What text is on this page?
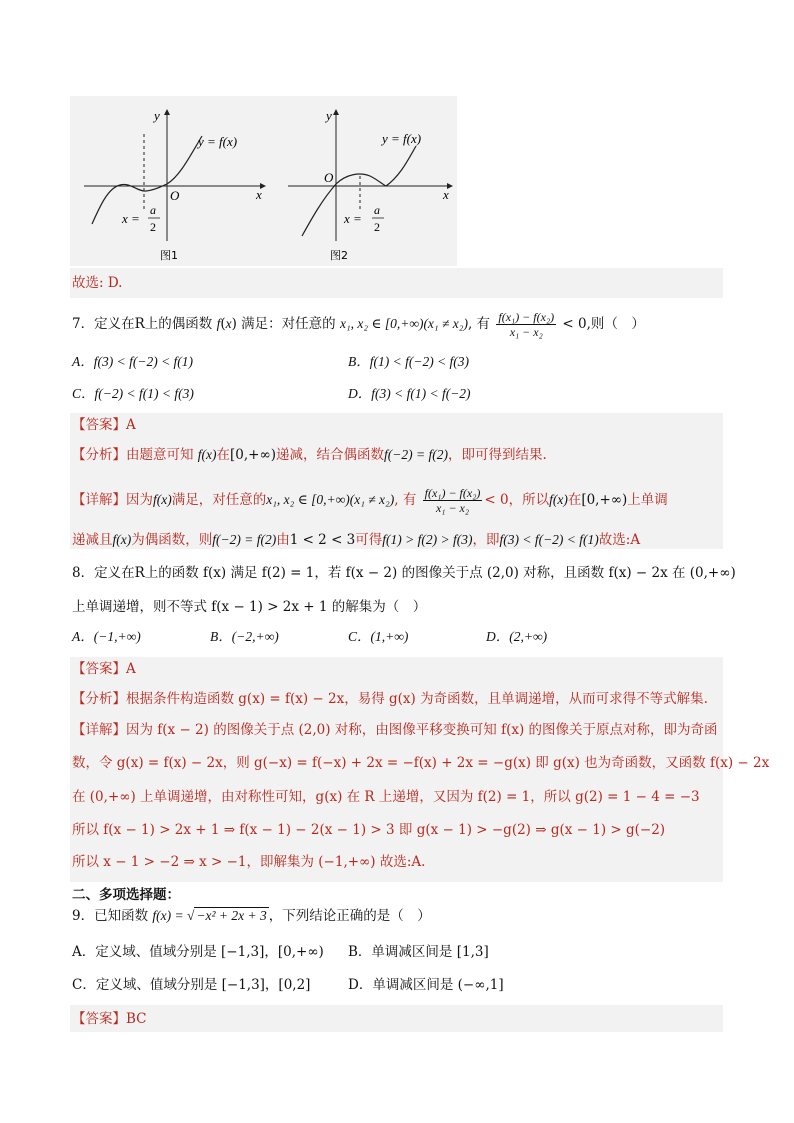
y
x
O
y = f(x)
x =
a
2
图1
y
x
O
y = f(x)
x =
a
2
图2
故选: D.
7．定义在R上的偶函数 f(x) 满足：对任意的 x₁, x₂ ∈ [0,+∞)(x₁ ≠ x₂), 有 $\frac{\text{f(x₁) − f(x₂)}}{\text{x₁ − x₂}} < 0$,则（　）
A．f(3) < f(−2) < f(1)	B．f(1) < f(−2) < f(3)
C．f(−2) < f(1) < f(3)	D．f(3) < f(1) < f(−2)
【答案】A
【分析】由题意可知 f(x)在[0,+∞)递减，结合偶函数f(−2) = f(2)，即可得到结果.
【详解】因为f(x)满足，对任意的x₁, x₂ ∈ [0,+∞)(x₁ ≠ x₂), 有 $\frac{\text{f(x₁) − f(x₂)}}{\text{x₁ − x₂}} < 0$，所以f(x)在[0,+∞)上单调
递减且f(x)为偶函数，则f(−2) = f(2)由1 < 2 < 3可得f(1) > f(2) > f(3)，即f(3) < f(−2) < f(1)故选:A
8．定义在R上的函数 f(x) 满足 f(2) = 1，若 f(x − 2) 的图像关于点 (2,0) 对称，且函数 f(x) − 2x 在 (0,+∞)
上单调递增，则不等式 f(x − 1) > 2x + 1 的解集为（　）
A．(−1,+∞)	B．(−2,+∞)	C．(1,+∞)	D．(2,+∞)
【答案】A
【分析】根据条件构造函数 g(x) = f(x) − 2x，易得 g(x) 为奇函数，且单调递增，从而可求得不等式解集.
【详解】因为 f(x − 2) 的图像关于点 (2,0) 对称，由图像平移变换可知 f(x) 的图像关于原点对称，即为奇函
数，令 g(x) = f(x) − 2x，则 g(−x) = f(−x) + 2x = −f(x) + 2x = −g(x) 即 g(x) 也为奇函数，又函数 f(x) − 2x
在 (0,+∞) 上单调递增，由对称性可知，g(x) 在 R 上递增，又因为 f(2) = 1，所以 g(2) = 1 − 4 = −3
所以 f(x − 1) > 2x + 1 ⇒ f(x − 1) − 2(x − 1) > 3 即 g(x − 1) > −g(2) ⇒ g(x − 1) > g(−2)
所以 x − 1 > −2 ⇒ x > −1，即解集为 (−1,+∞) 故选:A.
二、多项选择题：
9．已知函数 f(x) = √ −x² + 2x + 3 ，下列结论正确的是（　）
A．定义域、值域分别是 [−1,3]，[0,+∞) B．单调减区间是 [1,3]
C．定义域、值域分别是 [−1,3]，[0,2]	D．单调减区间是 (−∞,1]
【答案】BC
